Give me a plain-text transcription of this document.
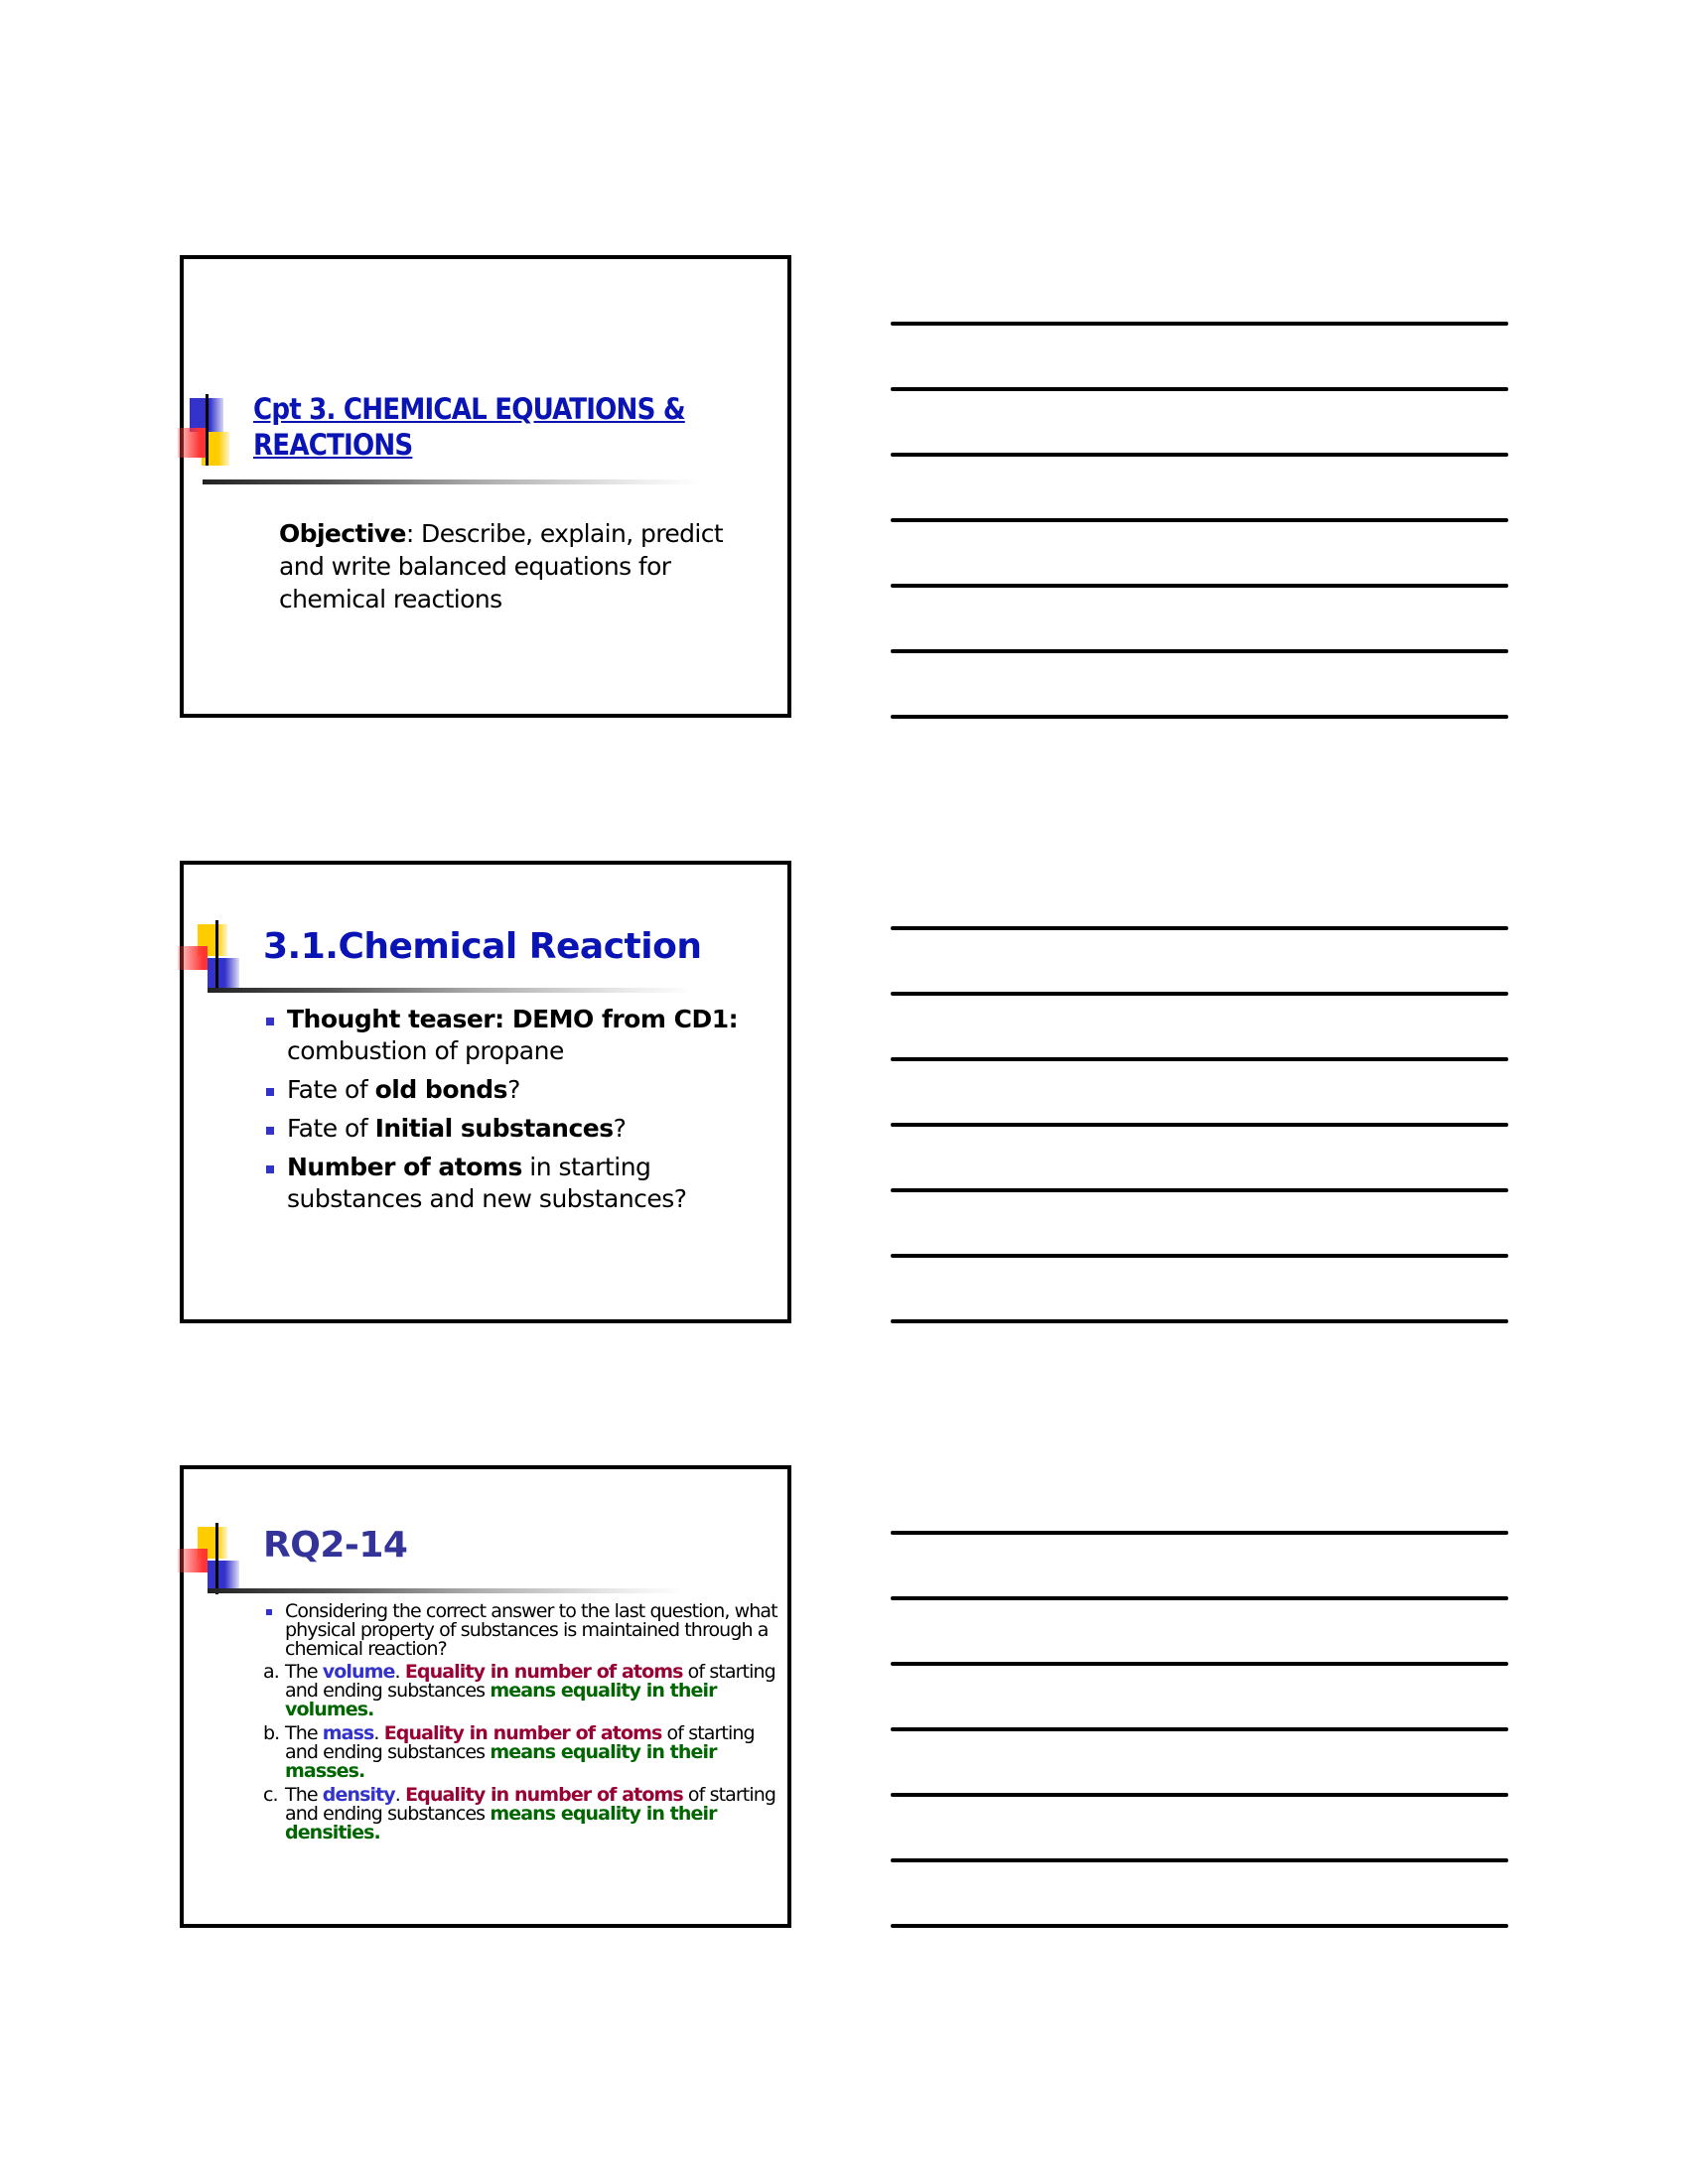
Cpt 3. CHEMICAL EQUATIONS & REACTIONS
Objective: Describe, explain, predict and write balanced equations for chemical reactions
3.1.Chemical Reaction
Thought teaser: DEMO from CD1: combustion of propane
Fate of old bonds?
Fate of Initial substances?
Number of atoms in starting substances and new substances?
RQ2-14
Considering the correct answer to the last question, what physical property of substances is maintained through a chemical reaction?
a. The volume. Equality in number of atoms of starting and ending substances means equality in their volumes.
b. The mass. Equality in number of atoms of starting and ending substances means equality in their masses.
c. The density. Equality in number of atoms of starting and ending substances means equality in their densities.
